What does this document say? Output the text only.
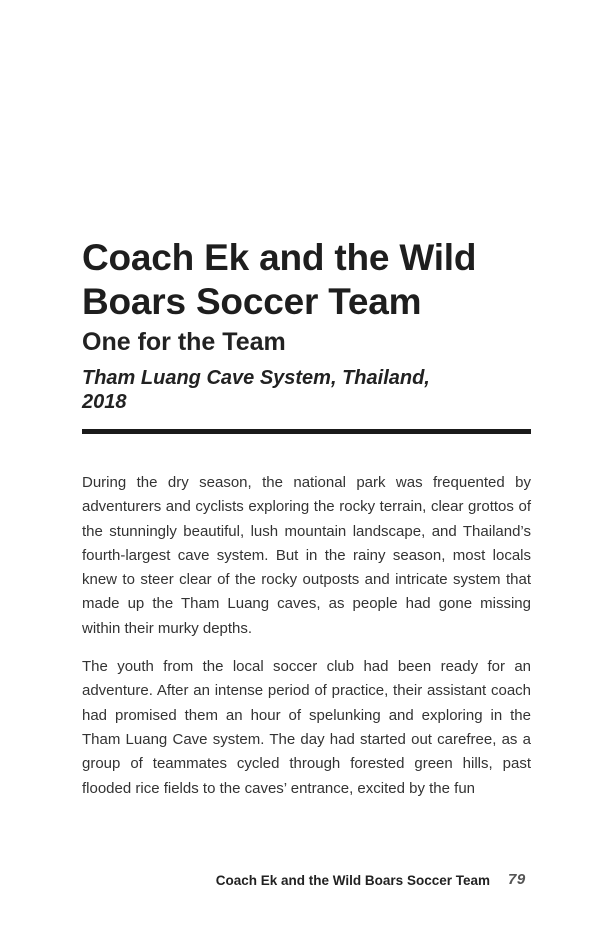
Coach Ek and the Wild Boars Soccer Team
One for the Team
Tham Luang Cave System, Thailand, 2018

During the dry season, the national park was frequented by adventurers and cyclists exploring the rocky terrain, clear grottos of the stunningly beautiful, lush mountain landscape, and Thailand’s fourth-largest cave system. But in the rainy season, most locals knew to steer clear of the rocky outposts and intricate system that made up the Tham Luang caves, as people had gone missing within their murky depths.

The youth from the local soccer club had been ready for an adventure. After an intense period of practice, their assistant coach had promised them an hour of spelunking and exploring in the Tham Luang Cave system. The day had started out carefree, as a group of teammates cycled through forested green hills, past flooded rice fields to the caves’ entrance, excited by the fun

Coach Ek and the Wild Boars Soccer Team 79
